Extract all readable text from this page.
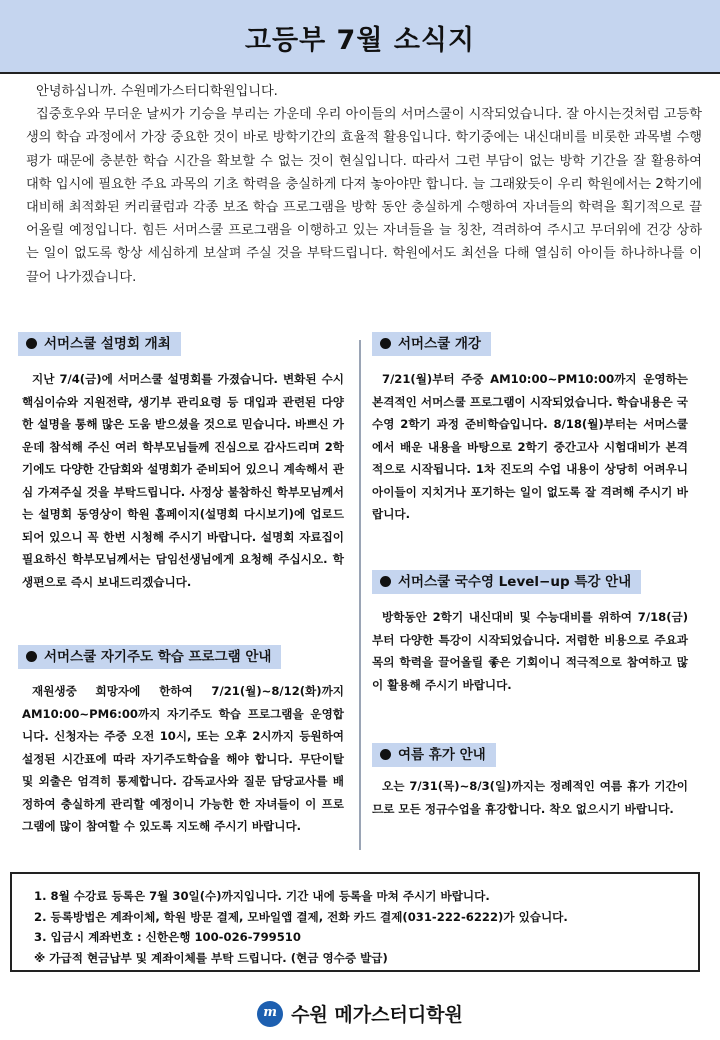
고등부 7월 소식지

안녕하십니까. 수원메가스터디학원입니다.

집중호우와 무더운 날씨가 기승을 부리는 가운데 우리 아이들의 서머스쿨이 시작되었습니다. 잘 아시는것처럼 고등학생의 학습 과정에서 가장 중요한 것이 바로 방학기간의 효율적 활용입니다. 학기중에는 내신대비를 비롯한 과목별 수행평가 때문에 충분한 학습 시간을 확보할 수 없는 것이 현실입니다. 따라서 그런 부담이 없는 방학 기간을 잘 활용하여 대학 입시에 필요한 주요 과목의 기초 학력을 충실하게 다져 놓아야만 합니다. 늘 그래왔듯이 우리 학원에서는 2학기에 대비해 최적화된 커리큘럼과 각종 보조 학습 프로그램을 방학 동안 충실하게 수행하여 자녀들의 학력을 획기적으로 끌어올릴 예정입니다. 힘든 서머스쿨 프로그램을 이행하고 있는 자녀들을 늘 칭찬, 격려하여 주시고 무더위에 건강 상하는 일이 없도록 항상 세심하게 보살펴 주실 것을 부탁드립니다. 학원에서도 최선을 다해 열심히 아이들 하나하나를 이끌어 나가겠습니다.

서머스쿨 설명회 개최

지난 7/4(금)에 서머스쿨 설명회를 가졌습니다. 변화된 수시 핵심이슈와 지원전략, 생기부 관리요령 등 대입과 관련된 다양한 설명을 통해 많은 도움 받으셨을 것으로 믿습니다. 바쁘신 가운데 참석해 주신 여러 학부모님들께 진심으로 감사드리며 2학기에도 다양한 간담회와 설명회가 준비되어 있으니 계속해서 관심 가져주실 것을 부탁드립니다. 사정상 불참하신 학부모님께서는 설명회 동영상이 학원 홈페이지(설명회 다시보기)에 업로드 되어 있으니 꼭 한번 시청해 주시기 바랍니다. 설명회 자료집이 필요하신 학부모님께서는 담임선생님에게 요청해 주십시오. 학생편으로 즉시 보내드리겠습니다.

서머스쿨 자기주도 학습 프로그램 안내

재원생중 희망자에 한하여 7/21(월)~8/12(화)까지 AM10:00~PM6:00까지 자기주도 학습 프로그램을 운영합니다. 신청자는 주중 오전 10시, 또는 오후 2시까지 등원하여 설정된 시간표에 따라 자기주도학습을 해야 합니다. 무단이탈 및 외출은 엄격히 통제합니다. 감독교사와 질문 담당교사를 배정하여 충실하게 관리할 예정이니 가능한 한 자녀들이 이 프로그램에 많이 참여할 수 있도록 지도해 주시기 바랍니다.

서머스쿨 개강

7/21(월)부터 주중 AM10:00~PM10:00까지 운영하는 본격적인 서머스쿨 프로그램이 시작되었습니다. 학습내용은 국수영 2학기 과정 준비학습입니다. 8/18(월)부터는 서머스쿨에서 배운 내용을 바탕으로 2학기 중간고사 시험대비가 본격적으로 시작됩니다. 1차 진도의 수업 내용이 상당히 어려우니 아이들이 지치거나 포기하는 일이 없도록 잘 격려해 주시기 바랍니다.

서머스쿨 국수영 Level−up 특강 안내

방학동안 2학기 내신대비 및 수능대비를 위하여 7/18(금)부터 다양한 특강이 시작되었습니다. 저렴한 비용으로 주요과목의 학력을 끌어올릴 좋은 기회이니 적극적으로 참여하고 많이 활용해 주시기 바랍니다.

여름 휴가 안내

오는 7/31(목)~8/3(일)까지는 정례적인 여름 휴가 기간이므로 모든 정규수업을 휴강합니다. 착오 없으시기 바랍니다.

1. 8월 수강료 등록은 7월 30일(수)까지입니다. 기간 내에 등록을 마쳐 주시기 바랍니다.
2. 등록방법은 계좌이체, 학원 방문 결제, 모바일앱 결제, 전화 카드 결제(031-222-6222)가 있습니다.
3. 입금시 계좌번호 : 신한은행 100-026-799510
※ 가급적 현금납부 및 계좌이체를 부탁 드립니다. (현금 영수증 발급)
m 수원 메가스터디학원
